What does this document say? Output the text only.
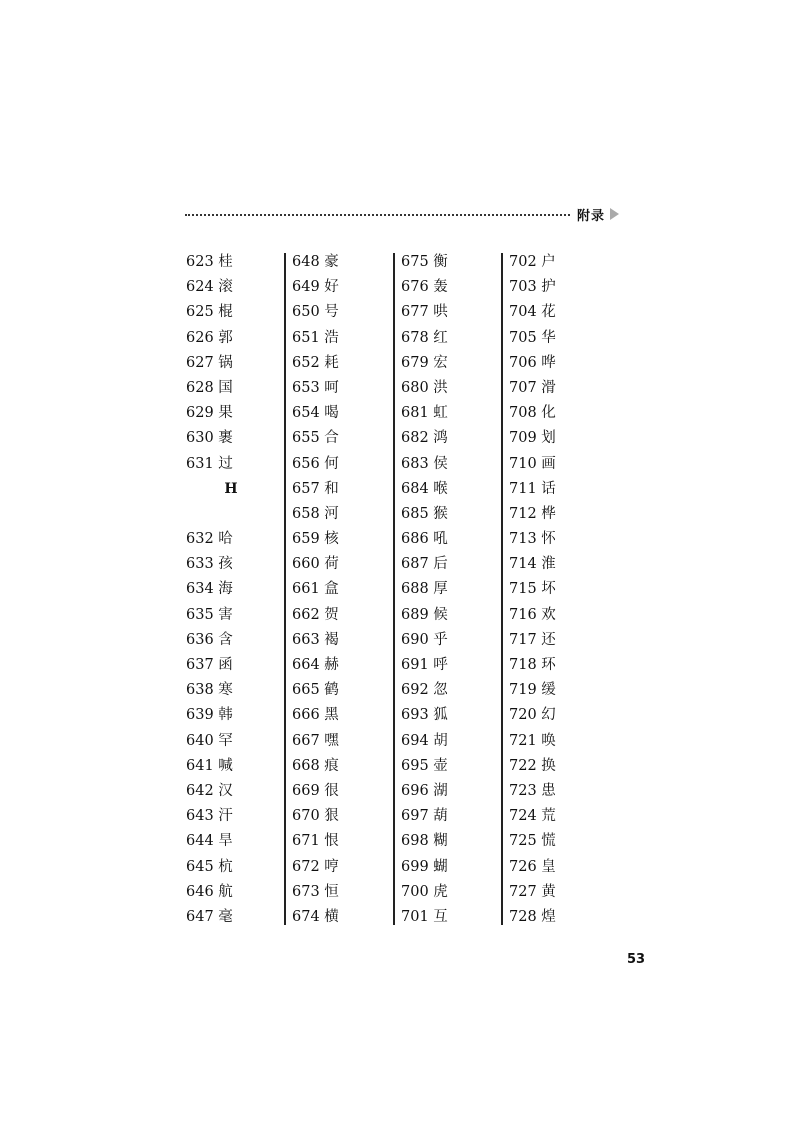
附录
623 桂
624 滚
625 棍
626 郭
627 锅
628 国
629 果
630 裹
631 过
H
632 哈
633 孩
634 海
635 害
636 含
637 函
638 寒
639 韩
640 罕
641 喊
642 汉
643 汗
644 旱
645 杭
646 航
647 毫
648 豪
649 好
650 号
651 浩
652 耗
653 呵
654 喝
655 合
656 何
657 和
658 河
659 核
660 荷
661 盒
662 贺
663 褐
664 赫
665 鹤
666 黑
667 嘿
668 痕
669 很
670 狠
671 恨
672 哼
673 恒
674 横
675 衡
676 轰
677 哄
678 红
679 宏
680 洪
681 虹
682 鸿
683 侯
684 喉
685 猴
686 吼
687 后
688 厚
689 候
690 乎
691 呼
692 忽
693 狐
694 胡
695 壶
696 湖
697 葫
698 糊
699 蝴
700 虎
701 互
702 户
703 护
704 花
705 华
706 哗
707 滑
708 化
709 划
710 画
711 话
712 桦
713 怀
714 淮
715 坏
716 欢
717 还
718 环
719 缓
720 幻
721 唤
722 换
723 患
724 荒
725 慌
726 皇
727 黄
728 煌
53
